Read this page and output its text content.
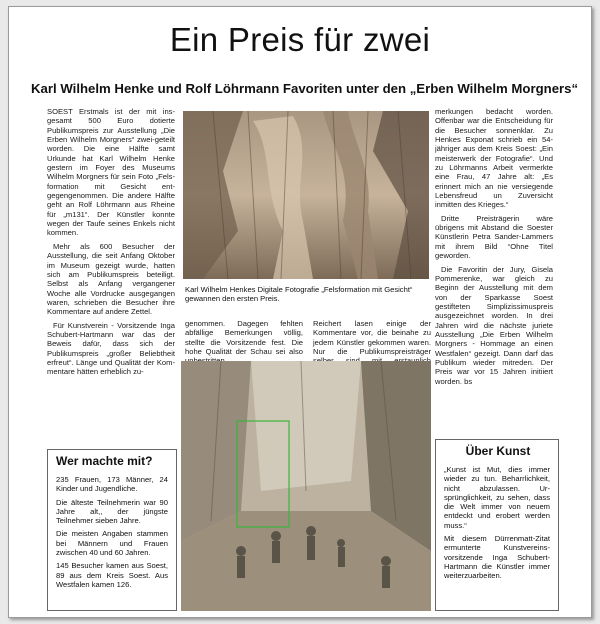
Ein Preis für zwei
Karl Wilhelm Henke und Rolf Löhrmann Favoriten unter den „Erben Wilhelm Morgners“

SOEST Erstmals ist der mit insgesamt 500 Euro dotierte Publikumspreis zur Ausstellung „Die Erben Wilhelm Morgners“ zwei-geteilt worden. Die eine Hälfte samt Urkunde hat Karl Wilhelm Henke gestern im Foyer des Museums Wilhelm Morgners für sein Foto „Felsformation mit Gesicht entgegengenommen. Die andere Hälfte geht an Rolf Löhrmann aus Rheine für „m131“. Der Künstler konnte wegen der Taufe seines Enkels nicht kommen.

Mehr als 600 Besucher der Ausstellung, die seit Anfang Oktober im Museum gezeigt wurde, hatten sich am Publikumspreis beteiligt. Selbst als Anfang vergangener Woche alle Vordrucke ausgegangen waren, schrieben die Besucher ihre Kommentare auf andere Zettel.

Für Kunstverein - Vorsitzende Inga Schubert-Hartmann war das der Beweis dafür, dass sich der Publikumspreis „großer Beliebtheit erfreut“. Länge und Qualität der Kommentare hätten erheblich zu-

Karl Wilhelm Henkes Digitale Fotografie „Felsformation mit Gesicht“ gewannen den ersten Preis.
genommen. Dagegen fehlten abfällige Bemerkungen völlig, stellte die Vorsitzende fest. Die hohe Qualität der Schau sei also

Reichert lasen einige der Kommentare vor, die beinahe zu jedem Künstler gekommen waren. Nur die Publikumspreisträger

merkungen bedacht worden. Offenbar war die Entscheidung für die Besucher sonnenklar. Zu Henkes Exponat schrieb ein 54-jähriger aus dem Kreis Soest: „Ein meisterwerk der Fotografie“. Und zu Löhrmanns Arbeit vermerkte eine Frau, 47 Jahre alt: „Es erinnert mich an nie versiegende Lebensfreud un Zuversicht inmitten des Krieges.“

Dritte Preisträgerin wäre übrigens mit Abstand die Soester Künstlerin Petra Sander-Lammers mit ihrem Bild “Ohne Titel geworden.

Die Favoritin der Jury, Gisela Pommerenke, war gleich zu Beginn der Ausstellung mit dem von der Sparkasse Soest gestifteten Simplizissimuspreis ausgezeichnet worden. In drei Jahren wird die nächste juriete Ausstellung „Die Erben Wilhelm Morgners - Hommage an einen Westfalen“ gezeigt. Dann darf das Publikum wieder mitreden. Der Preis war vor 15 Jahren initiiert worden. bs

Wer machte mit?

235 Frauen, 173 Männer, 24 Kinder und Jugendliche.

Die älteste Teilnehmerin war 90 Jahre alt,, der jüngste Teilnehmer sieben Jahre.

Die meisten Angaben stammen bei Männern und Frauen zwischen 40 und 60 Jahren.

145 Besucher kamen aus Soest, 89 aus dem Kreis Soest. Aus Westfalen kamen 126.

Über Kunst

„Kunst ist Mut, dies immer wieder zu tun. Beharrlichkeit, nicht abzulassen. Ursprünglichkeit, zu sehen, dass die Welt immer von neuem entdeckt und erobert werden muss.“

Mit diesem Dürrenmatt-Zitat ermunterte Kunstvereinsvorsitzende Inga Schubert-Hartmann die Künstler immer weiterzuarbeiten.
